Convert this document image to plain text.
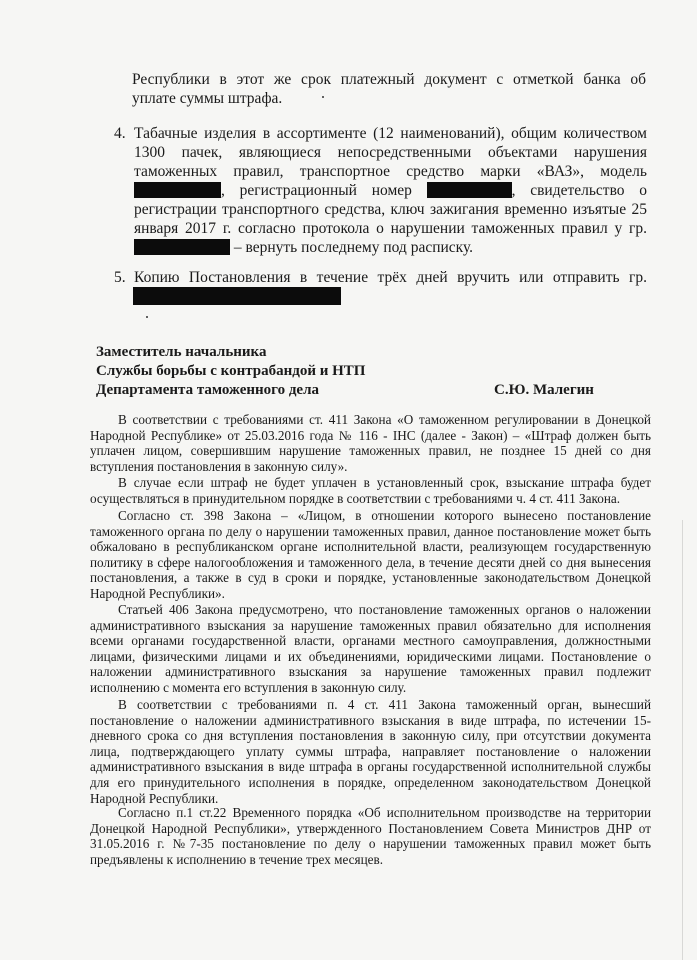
Республики в этот же срок платежный документ с отметкой банка об
уплате суммы штрафа.
4. Табачные изделия в ассортименте (12 наименований), общим количеством 1300 пачек, являющиеся непосредственными объектами нарушения таможенных правил, транспортное средство марки «ВАЗ», модель , регистрационный номер	, свидетельство о регистрации транспортного средства, ключ зажигания временно изъятые 25 января 2017 г. согласно протокола о нарушении таможенных правил у гр.  – вернуть последнему под расписку.
5. Копию Постановления в течение трёх дней вручить или отправить гр.
Заместитель начальника
Службы борьбы с контрабандой и НТП
Департамента таможенного дела	С.Ю. Малегин
В соответствии с требованиями ст. 411 Закона «О таможенном регулировании в Донецкой Народной Республике» от 25.03.2016 года № 116 - IНС (далее - Закон) – «Штраф должен быть уплачен лицом, совершившим нарушение таможенных правил, не позднее 15 дней со дня вступления постановления в законную силу».
В случае если штраф не будет уплачен в установленный срок, взыскание штрафа будет осуществляться в принудительном порядке в соответствии с требованиями ч. 4 ст. 411 Закона.
Согласно ст. 398 Закона – «Лицом, в отношении которого вынесено постановление таможенного органа по делу о нарушении таможенных правил, данное постановление может быть обжаловано в республиканском органе исполнительной власти, реализующем государственную политику в сфере налогообложения и таможенного дела, в течение десяти дней со дня вынесения постановления, а также в суд в сроки и порядке, установленные законодательством Донецкой Народной Республики».
Статьей 406 Закона предусмотрено, что постановление таможенных органов о наложении административного взыскания за нарушение таможенных правил обязательно для исполнения всеми органами государственной власти, органами местного самоуправления, должностными лицами, физическими лицами и их объединениями, юридическими лицами. Постановление о наложении административного взыскания за нарушение таможенных правил подлежит исполнению с момента его вступления в законную силу.
В соответствии с требованиями п. 4 ст. 411 Закона таможенный орган, вынесший постановление о наложении административного взыскания в виде штрафа, по истечении 15-дневного срока со дня вступления постановления в законную силу, при отсутствии документа лица, подтверждающего уплату суммы штрафа, направляет постановление о наложении административного взыскания в виде штрафа в органы государственной исполнительной службы для его принудительного исполнения в порядке, определенном законодательством Донецкой Народной Республики.
Согласно п.1 ст.22 Временного порядка «Об исполнительном производстве на территории Донецкой Народной Республики», утвержденного Постановлением Совета Министров ДНР от 31.05.2016 г. №7-35 постановление по делу о нарушении таможенных правил может быть предъявлены к исполнению в течение трех месяцев.
